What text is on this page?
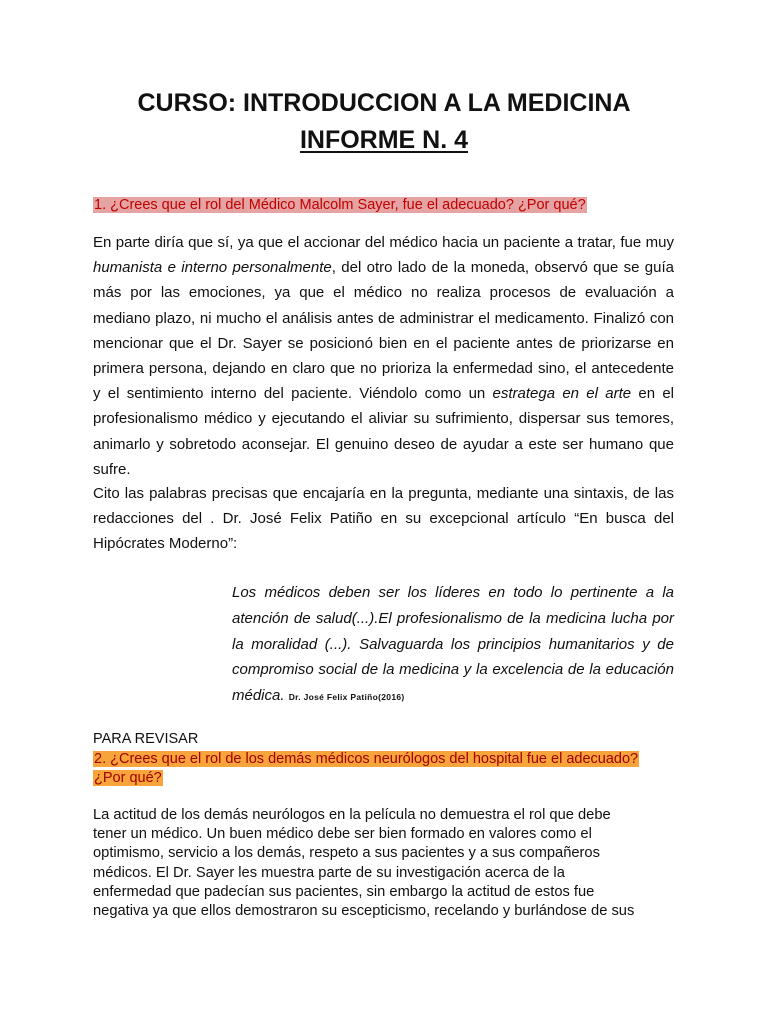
CURSO: INTRODUCCION A LA MEDICINA
INFORME N. 4
1. ¿Crees que el rol del Médico Malcolm Sayer, fue el adecuado? ¿Por qué?

En parte diría que sí, ya que el accionar del médico hacia un paciente a tratar, fue muy humanista e interno personalmente, del otro lado de la moneda, observó que se guía más por las emociones, ya que el médico no realiza procesos de evaluación a mediano plazo, ni mucho el análisis antes de administrar el medicamento. Finalizó con mencionar que el Dr. Sayer se posicionó bien en el paciente antes de priorizarse en primera persona, dejando en claro que no prioriza la enfermedad sino, el antecedente y el sentimiento interno del paciente. Viéndolo como un estratega en el arte en el profesionalismo médico y ejecutando el aliviar su sufrimiento, dispersar sus temores, animarlo y sobretodo aconsejar. El genuino deseo de ayudar a este ser humano que sufre.

Cito las palabras precisas que encajaría en la pregunta, mediante una sintaxis, de las redacciones del . Dr. José Felix Patiño en su excepcional artículo “En busca del Hipócrates Moderno”:

Los médicos deben ser los líderes en todo lo pertinente a la atención de salud(...).El profesionalismo de la medicina lucha por la moralidad (...). Salvaguarda los principios humanitarios y de compromiso social de la medicina y la excelencia de la educación médica. Dr. José Felix Patiño(2016)

PARA REVISAR
2. ¿Crees que el rol de los demás médicos neurólogos del hospital fue el adecuado?
¿Por qué?

La actitud de los demás neurólogos en la película no demuestra el rol que debe
tener un médico. Un buen médico debe ser bien formado en valores como el
optimismo, servicio a los demás, respeto a sus pacientes y a sus compañeros
médicos. El Dr. Sayer les muestra parte de su investigación acerca de la
enfermedad que padecían sus pacientes, sin embargo la actitud de estos fue
negativa ya que ellos demostraron su escepticismo, recelando y burlándose de sus
